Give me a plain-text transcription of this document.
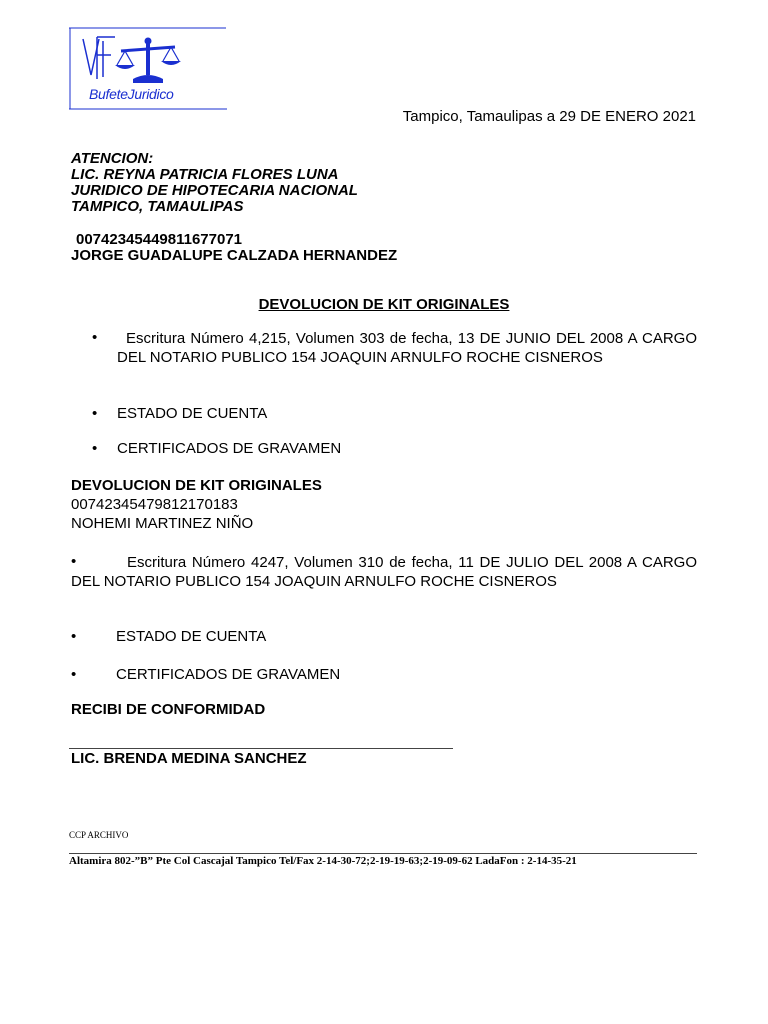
BufeteJuridico
Tampico, Tamaulipas a 29 DE ENERO 2021
ATENCION:
LIC. REYNA PATRICIA FLORES LUNA
JURIDICO DE HIPOTECARIA NACIONAL
TAMPICO, TAMAULIPAS
00742345449811677071
JORGE GUADALUPE CALZADA HERNANDEZ
DEVOLUCION DE KIT ORIGINALES
•	Escritura Número 4,215, Volumen 303 de fecha, 13 DE JUNIO DEL 2008 A CARGO DEL NOTARIO PUBLICO 154 JOAQUIN ARNULFO ROCHE CISNEROS
• ESTADO DE CUENTA
• CERTIFICADOS DE GRAVAMEN
DEVOLUCION DE KIT ORIGINALES
00742345479812170183
NOHEMI MARTINEZ NIÑO
•	Escritura Número 4247, Volumen 310 de fecha, 11 DE JULIO DEL 2008 A CARGO DEL NOTARIO PUBLICO 154 JOAQUIN ARNULFO ROCHE CISNEROS
•	ESTADO DE CUENTA
•	CERTIFICADOS DE GRAVAMEN
RECIBI DE CONFORMIDAD
LIC. BRENDA MEDINA SANCHEZ
CCP ARCHIVO
Altamira 802-”B” Pte Col Cascajal Tampico Tel/Fax 2-14-30-72;2-19-19-63;2-19-09-62 LadaFon : 2-14-35-21
